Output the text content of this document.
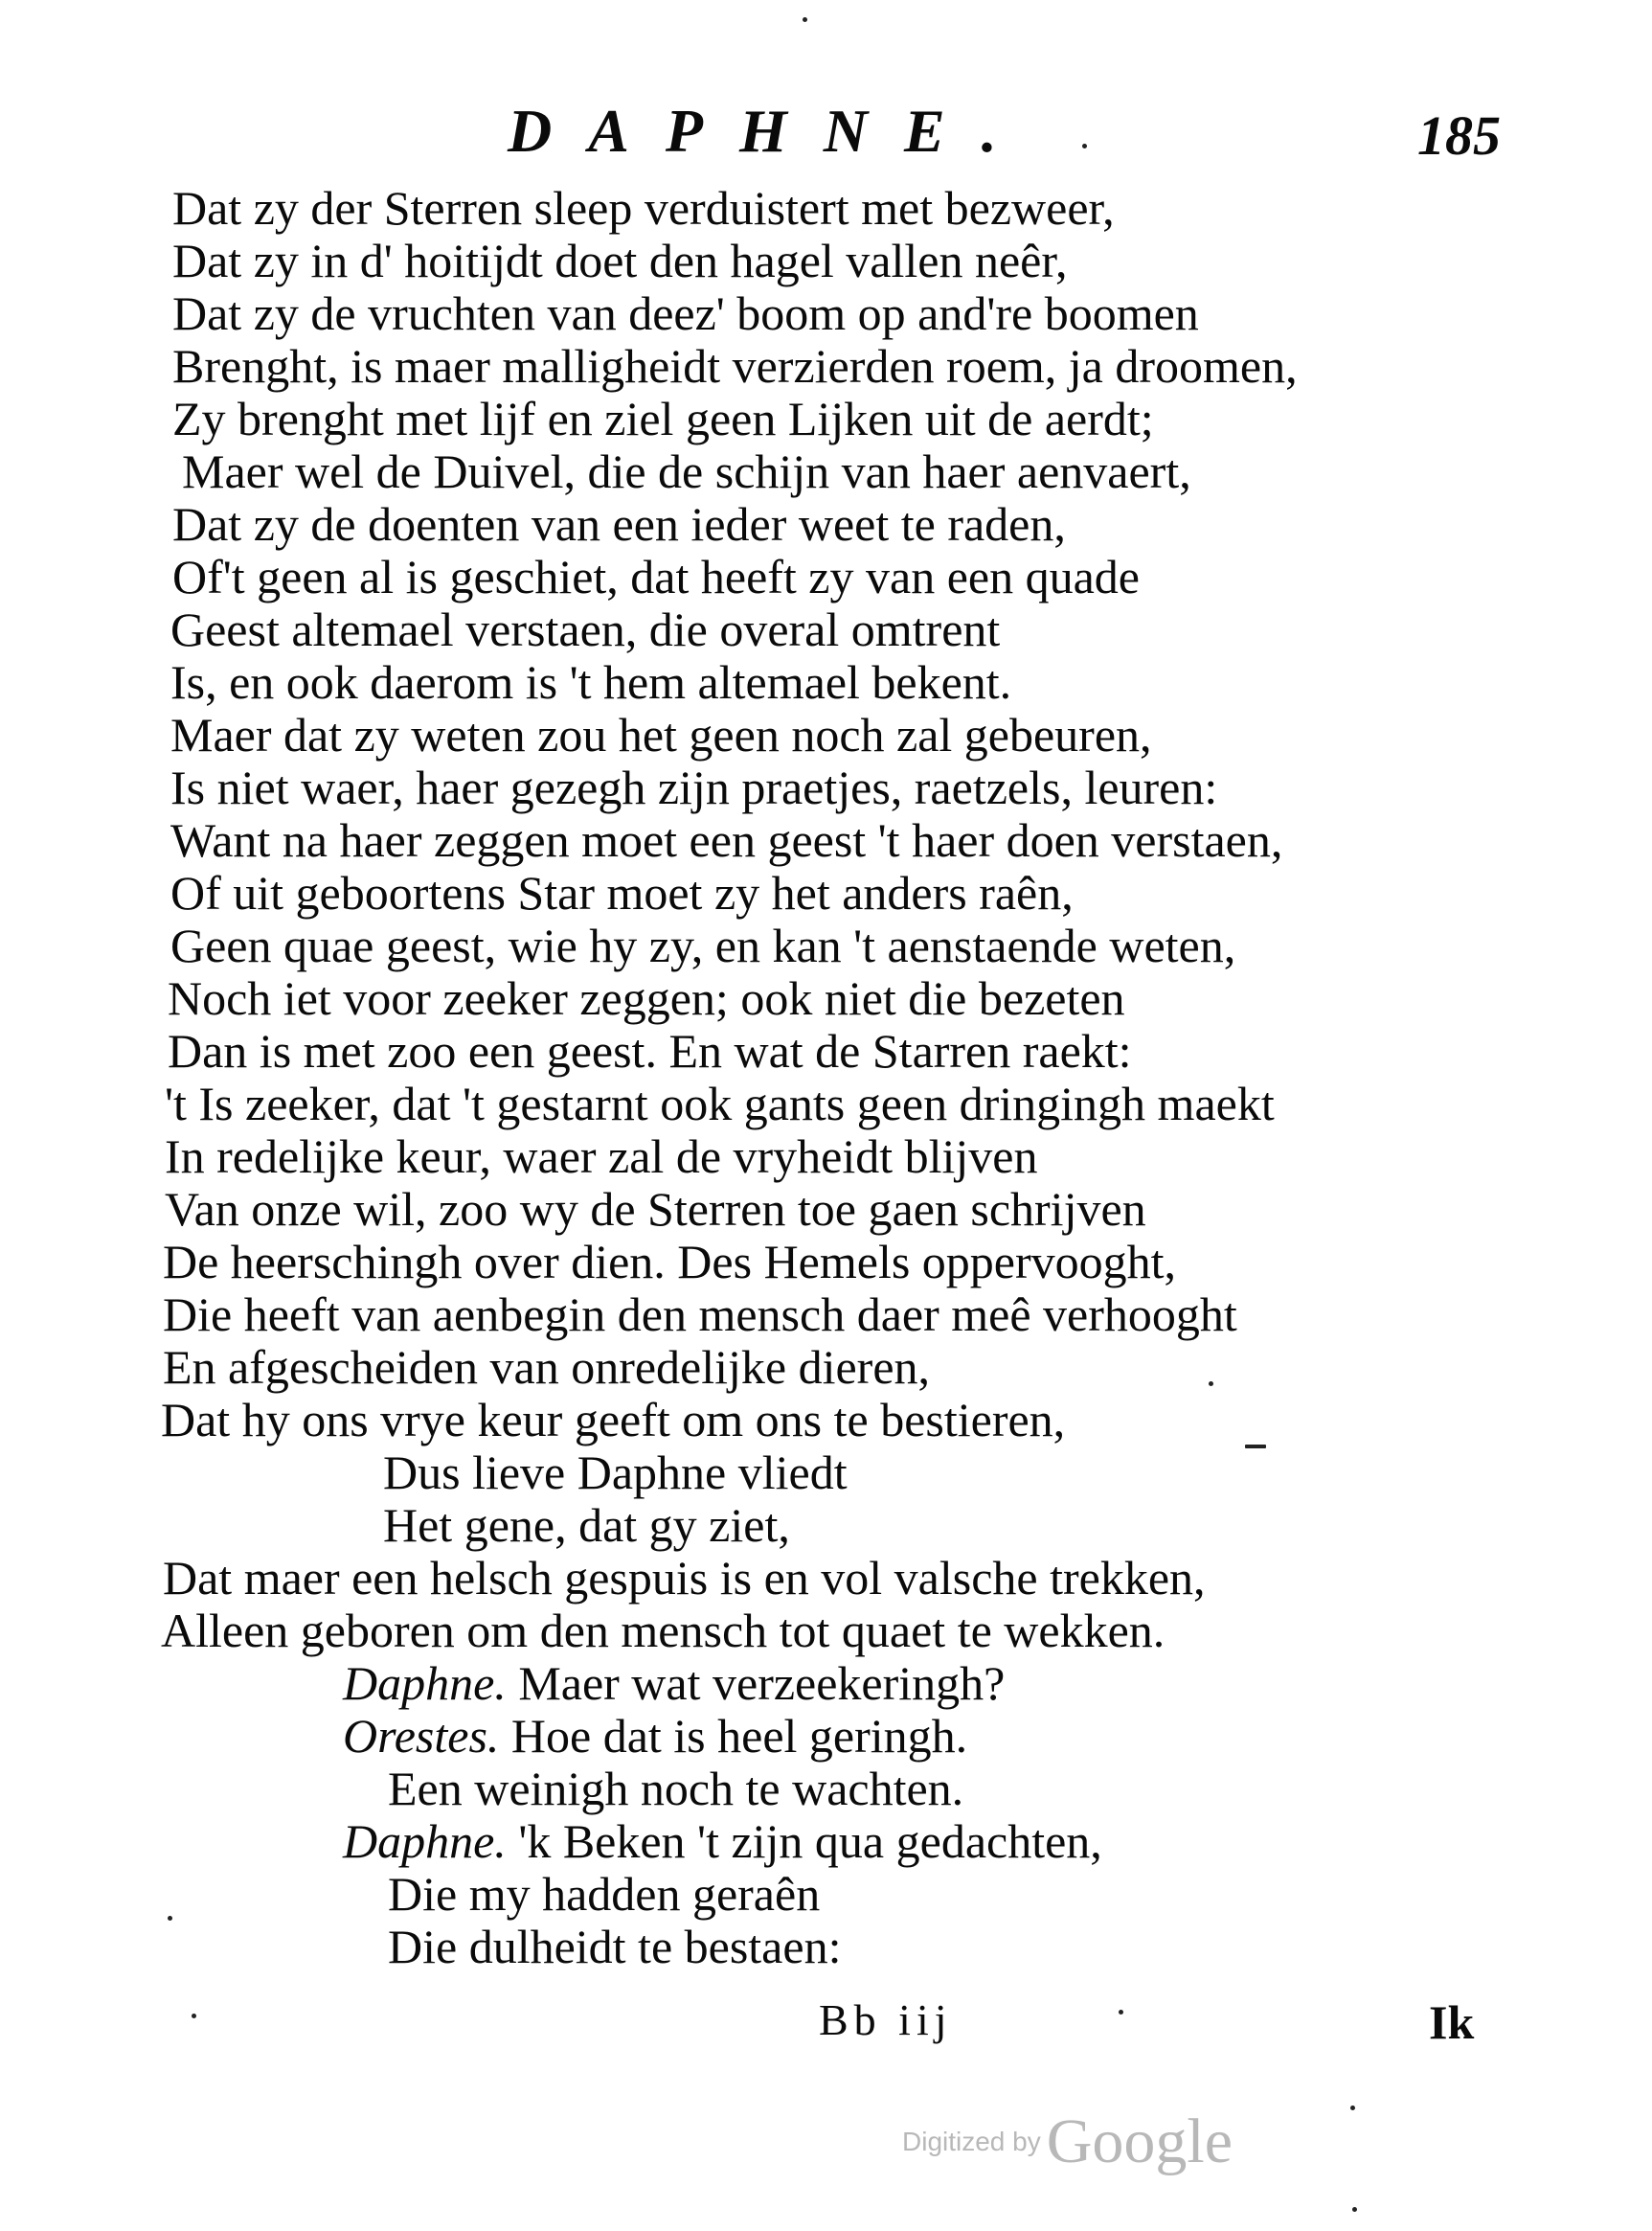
DAPHNE.	185
Dat zy der Sterren sleep verduistert met bezweer,
Dat zy in d' hoitijdt doet den hagel vallen neêr,
Dat zy de vruchten van deez' boom op and're boomen
Brenght, is maer malligheidt verzierden roem, ja droomen,
Zy brenght met lijf en ziel geen Lijken uit de aerdt;
Maer wel de Duivel, die de schijn van haer aenvaert,
Dat zy de doenten van een ieder weet te raden,
Of't geen al is geschiet, dat heeft zy van een quade
Geest altemael verstaen, die overal omtrent
Is, en ook daerom is 't hem altemael bekent.
Maer dat zy weten zou het geen noch zal gebeuren,
Is niet waer, haer gezegh zijn praetjes, raetzels, leuren:
Want na haer zeggen moet een geest 't haer doen verstaen,
Of uit geboortens Star moet zy het anders raên,
Geen quae geest, wie hy zy, en kan 't aenstaende weten,
Noch iet voor zeeker zeggen; ook niet die bezeten
Dan is met zoo een geest. En wat de Starren raekt:
't Is zeeker, dat 't gestarnt ook gants geen dringingh maekt
In redelijke keur, waer zal de vryheidt blijven
Van onze wil, zoo wy de Sterren toe gaen schrijven
De heerschingh over dien. Des Hemels oppervooght,
Die heeft van aenbegin den mensch daer meê verhooght
En afgescheiden van onredelijke dieren,
Dat hy ons vrye keur geeft om ons te bestieren,
Dus lieve Daphne vliedt
Het gene, dat gy ziet,
Dat maer een helsch gespuis is en vol valsche trekken,
Alleen geboren om den mensch tot quaet te wekken.
Daphne. Maer wat verzeekeringh?
Orestes. Hoe dat is heel geringh.
Een weinigh noch te wachten.
Daphne. 'k Beken 't zijn qua gedachten,
Die my hadden geraên
Die dulheidt te bestaen:
Bb iij	Ik
Digitized byGoogle
